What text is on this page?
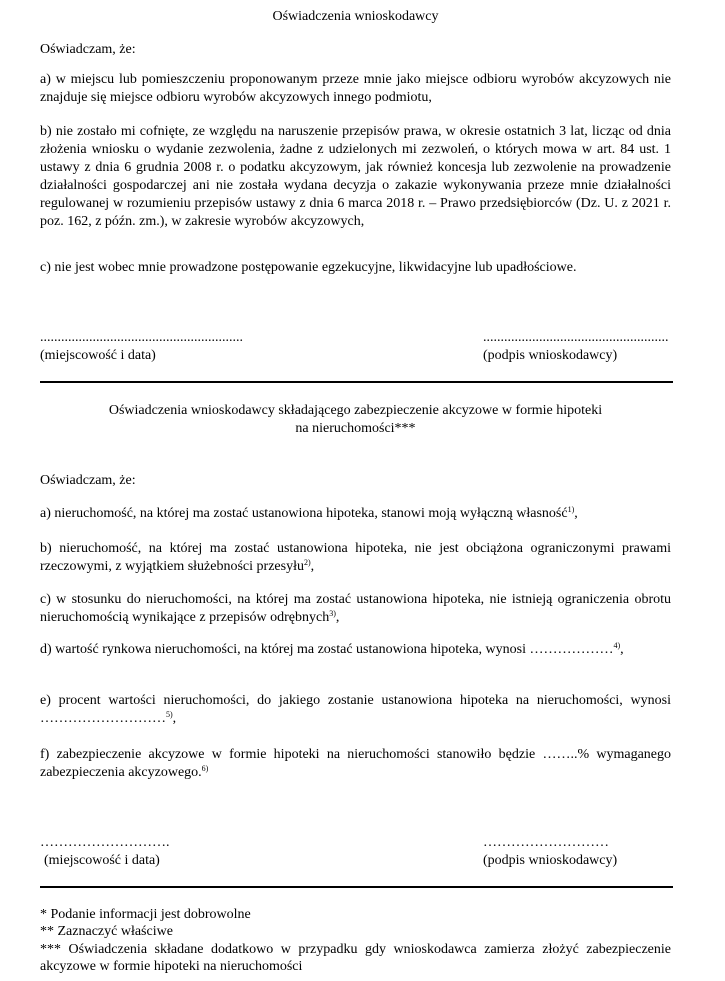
Oświadczenia wnioskodawcy
Oświadczam, że:

a) w miejscu lub pomieszczeniu proponowanym przeze mnie jako miejsce odbioru wyrobów akcyzowych nie znajduje się miejsce odbioru wyrobów akcyzowych innego podmiotu,

b) nie zostało mi cofnięte, ze względu na naruszenie przepisów prawa, w okresie ostatnich 3 lat, licząc od dnia złożenia wniosku o wydanie zezwolenia, żadne z udzielonych mi zezwoleń, o których mowa w art. 84 ust. 1 ustawy z dnia 6 grudnia 2008 r. o podatku akcyzowym, jak również koncesja lub zezwolenie na prowadzenie działalności gospodarczej ani nie została wydana decyzja o zakazie wykonywania przeze mnie działalności regulowanej w rozumieniu przepisów ustawy z dnia 6 marca 2018 r. – Prawo przedsiębiorców (Dz. U. z 2021 r. poz. 162, z późn. zm.), w zakresie wyrobów akcyzowych,

c) nie jest wobec mnie prowadzone postępowanie egzekucyjne, likwidacyjne lub upadłościowe.

..........................................................
(miejscowość i data)
.....................................................
(podpis wnioskodawcy)
Oświadczenia wnioskodawcy składającego zabezpieczenie akcyzowe w formie hipoteki
na nieruchomości***
Oświadczam, że:

a) nieruchomość, na której ma zostać ustanowiona hipoteka, stanowi moją wyłączną własność$^{1)}$,

b) nieruchomość, na której ma zostać ustanowiona hipoteka, nie jest obciążona ograniczonymi prawami rzeczowymi, z wyjątkiem służebności przesyłu$^{2)}$,

c) w stosunku do nieruchomości, na której ma zostać ustanowiona hipoteka, nie istnieją ograniczenia obrotu nieruchomością wynikające z przepisów odrębnych$^{3)}$,

d) wartość rynkowa nieruchomości, na której ma zostać ustanowiona hipoteka, wynosi ………………$^{4)}$,

e) procent wartości nieruchomości, do jakiego zostanie ustanowiona hipoteka na nieruchomości, wynosi ………………………$^{5)}$,

f) zabezpieczenie akcyzowe w formie hipoteki na nieruchomości stanowiło będzie ……..% wymaganego zabezpieczenia akcyzowego.$^{6)}$

……………………….
(miejscowość i data)
………………………
(podpis wnioskodawcy)
* Podanie informacji jest dobrowolne
** Zaznaczyć właściwe

*** Oświadczenia składane dodatkowo w przypadku gdy wnioskodawca zamierza złożyć zabezpieczenie akcyzowe w formie hipoteki na nieruchomości
